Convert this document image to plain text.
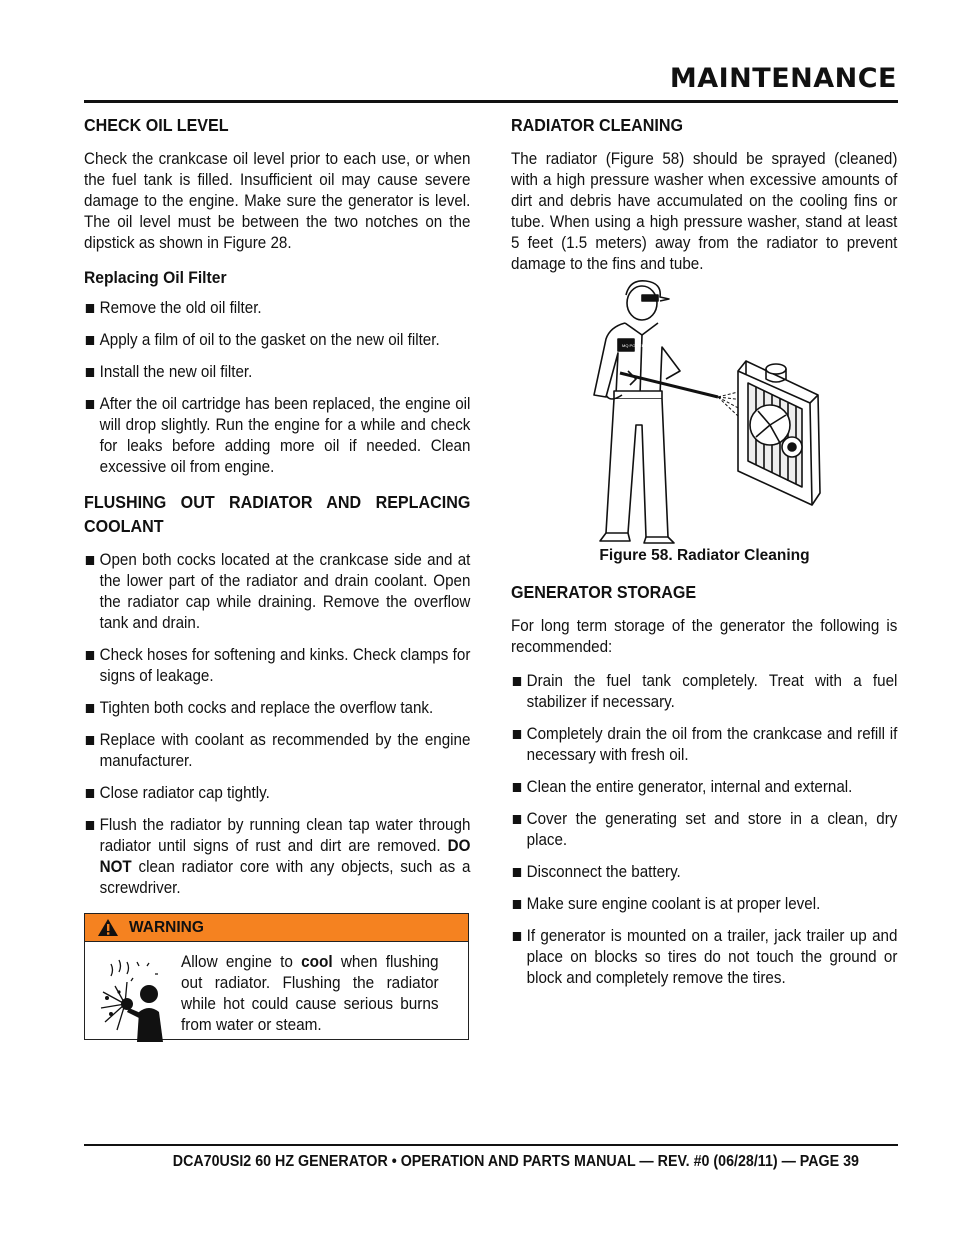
MAINTENANCE
CHECK OIL LEVEL

Check the crankcase oil level prior to each use, or when the fuel tank is filled. Insufficient oil may cause severe damage to the engine. Make sure the generator is level. The oil level must be between the two notches on the dipstick as shown in Figure 28.

Replacing Oil Filter
Remove the old oil filter.
Apply a film of oil to the gasket on the new oil filter.
Install the new oil filter.
After the oil cartridge has been replaced, the engine oil will drop slightly. Run the engine for a while and check for leaks before adding more oil if needed. Clean excessive oil from engine.
FLUSHING OUT RADIATOR AND REPLACING COOLANT
Open both cocks located at the crankcase side and at the lower part of the radiator and drain coolant. Open the radiator cap while draining. Remove the overflow tank and drain.
Check hoses for softening and kinks. Check clamps for signs of leakage.
Tighten both cocks and replace the overflow tank.
Replace with coolant as recommended by the engine manufacturer.
Close radiator cap tightly.
Flush the radiator by running clean tap water through radiator until signs of rust and dirt are removed. DO NOT clean radiator core with any objects, such as a screwdriver.
WARNING
Allow engine to cool when flushing out radiator. Flushing the radiator while hot could cause serious burns from water or steam.
RADIATOR CLEANING

The radiator (Figure 58) should be sprayed (cleaned) with a high pressure washer when excessive amounts of dirt and debris have accumulated on the cooling fins or tube. When using a high pressure washer, stand at least 5 feet (1.5 meters) away from the radiator to prevent damage to the fins and tube.

MQ POWER
Figure 58. Radiator Cleaning
GENERATOR STORAGE

For long term storage of the generator the following is recommended:

Drain the fuel tank completely. Treat with a fuel stabilizer if necessary.
Completely drain the oil from the crankcase and refill if necessary with fresh oil.
Clean the entire generator, internal and external.
Cover the generating set and store in a clean, dry place.
Disconnect the battery.
Make sure engine coolant is at proper level.
If generator is mounted on a trailer, jack trailer up and place on blocks so tires do not touch the ground or block and completely remove the tires.
DCA70USI2 60 HZ GENERATOR • OPERATION AND PARTS MANUAL — REV. #0 (06/28/11) — PAGE 39
